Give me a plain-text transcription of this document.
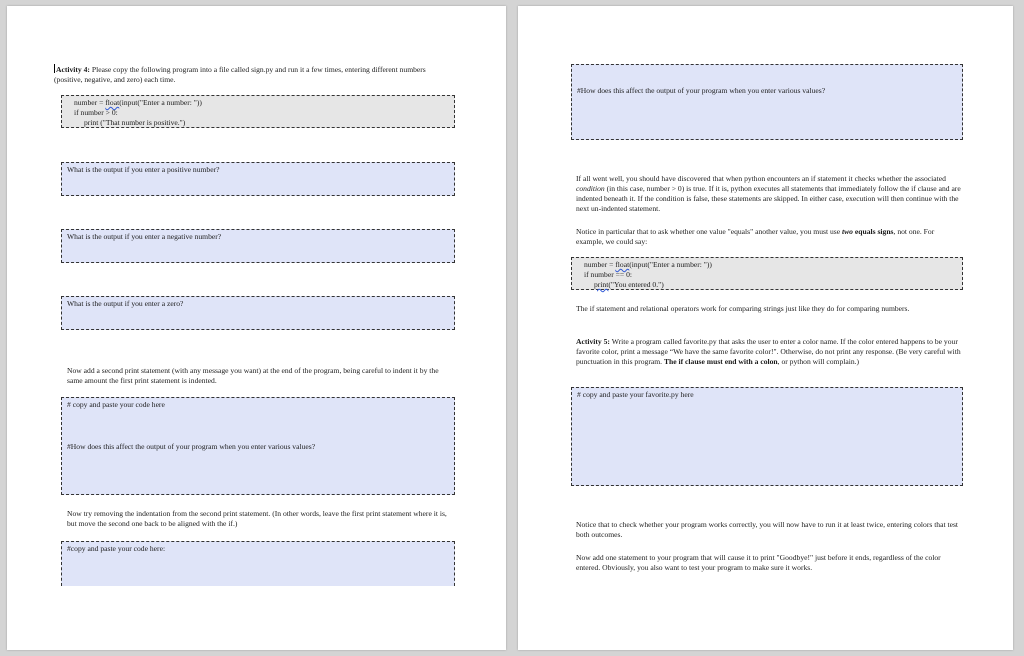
Activity 4: Please copy the following program into a file called sign.py and run it a few times, entering different numbers (positive, negative, and zero) each time.

number = float(input("Enter a number: "))
if number > 0:
print ("That number is positive.")
What is the output if you enter a positive number?
What is the output if you enter a negative number?
What is the output if you enter a zero?

Now add a second print statement (with any message you want) at the end of the program, being careful to indent it by the same amount the first print statement is indented.

# copy and paste your code here
#How does this affect the output of your program when you enter various values?

Now try removing the indentation from the second print statement. (In other words, leave the first print statement where it is, but move the second one back to be aligned with the if.)

#copy and paste your code here:
#How does this affect the output of your program when you enter various values?

If all went well, you should have discovered that when python encounters an if statement it checks whether the associated condition (in this case, number > 0) is true. If it is, python executes all statements that immediately follow the if clause and are indented beneath it. If the condition is false, these statements are skipped. In either case, execution will then continue with the next un-indented statement.

Notice in particular that to ask whether one value "equals" another value, you must use two equals signs, not one. For example, we could say:

number = float(input("Enter a number: "))
if number == 0:
print("You entered 0.")

The if statement and relational operators work for comparing strings just like they do for comparing numbers.

Activity 5: Write a program called favorite.py that asks the user to enter a color name. If the color entered happens to be your favorite color, print a message “We have the same favorite color!". Otherwise, do not print any response. (Be very careful with punctuation in this program. The if clause must end with a colon, or python will complain.)

# copy and paste your favorite.py here

Notice that to check whether your program works correctly, you will now have to run it at least twice, entering colors that test both outcomes.

Now add one statement to your program that will cause it to print "Goodbye!" just before it ends, regardless of the color entered. Obviously, you also want to test your program to make sure it works.
